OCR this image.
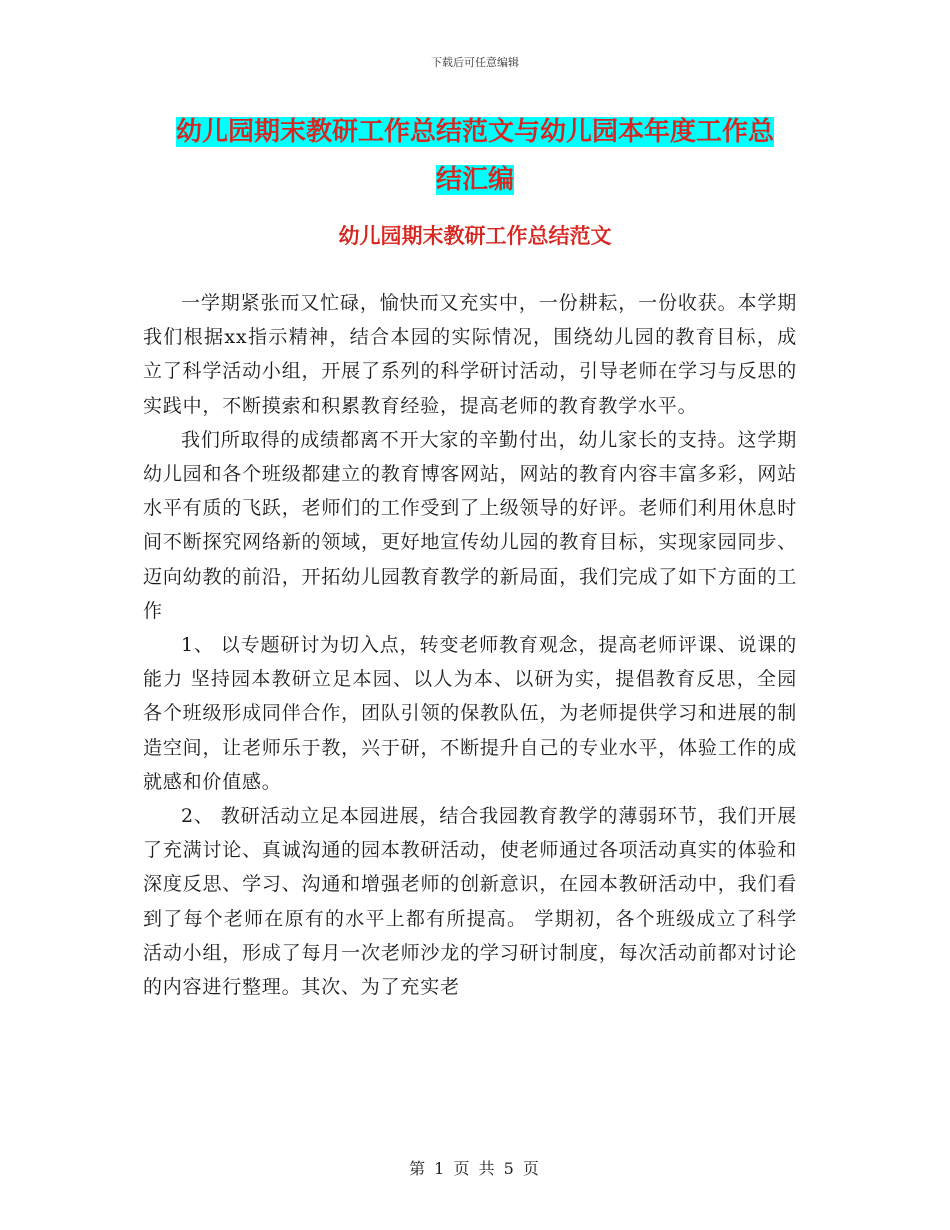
下载后可任意编辑
幼儿园期末教研工作总结范文与幼儿园本年度工作总
结汇编
幼儿园期末教研工作总结范文

一学期紧张而又忙碌，愉快而又充实中，一份耕耘，一份收获。本学期我们根据xx指示精神，结合本园的实际情况，围绕幼儿园的教育目标，成立了科学活动小组，开展了系列的科学研讨活动，引导老师在学习与反思的实践中，不断摸索和积累教育经验，提高老师的教育教学水平。

我们所取得的成绩都离不开大家的辛勤付出，幼儿家长的支持。这学期幼儿园和各个班级都建立的教育博客网站，网站的教育内容丰富多彩，网站水平有质的飞跃，老师们的工作受到了上级领导的好评。老师们利用休息时间不断探究网络新的领域，更好地宣传幼儿园的教育目标，实现家园同步、迈向幼教的前沿，开拓幼儿园教育教学的新局面，我们完成了如下方面的工作

1、 以专题研讨为切入点，转变老师教育观念，提高老师评课、说课的能力 坚持园本教研立足本园、以人为本、以研为实，提倡教育反思，全园各个班级形成同伴合作，团队引领的保教队伍，为老师提供学习和进展的制造空间，让老师乐于教，兴于研，不断提升自己的专业水平，体验工作的成就感和价值感。

2、 教研活动立足本园进展，结合我园教育教学的薄弱环节，我们开展了充满讨论、真诚沟通的园本教研活动，使老师通过各项活动真实的体验和深度反思、学习、沟通和增强老师的创新意识，在园本教研活动中，我们看到了每个老师在原有的水平上都有所提高。 学期初，各个班级成立了科学活动小组，形成了每月一次老师沙龙的学习研讨制度，每次活动前都对讨论的内容进行整理。其次、为了充实老

第 1 页 共 5 页
